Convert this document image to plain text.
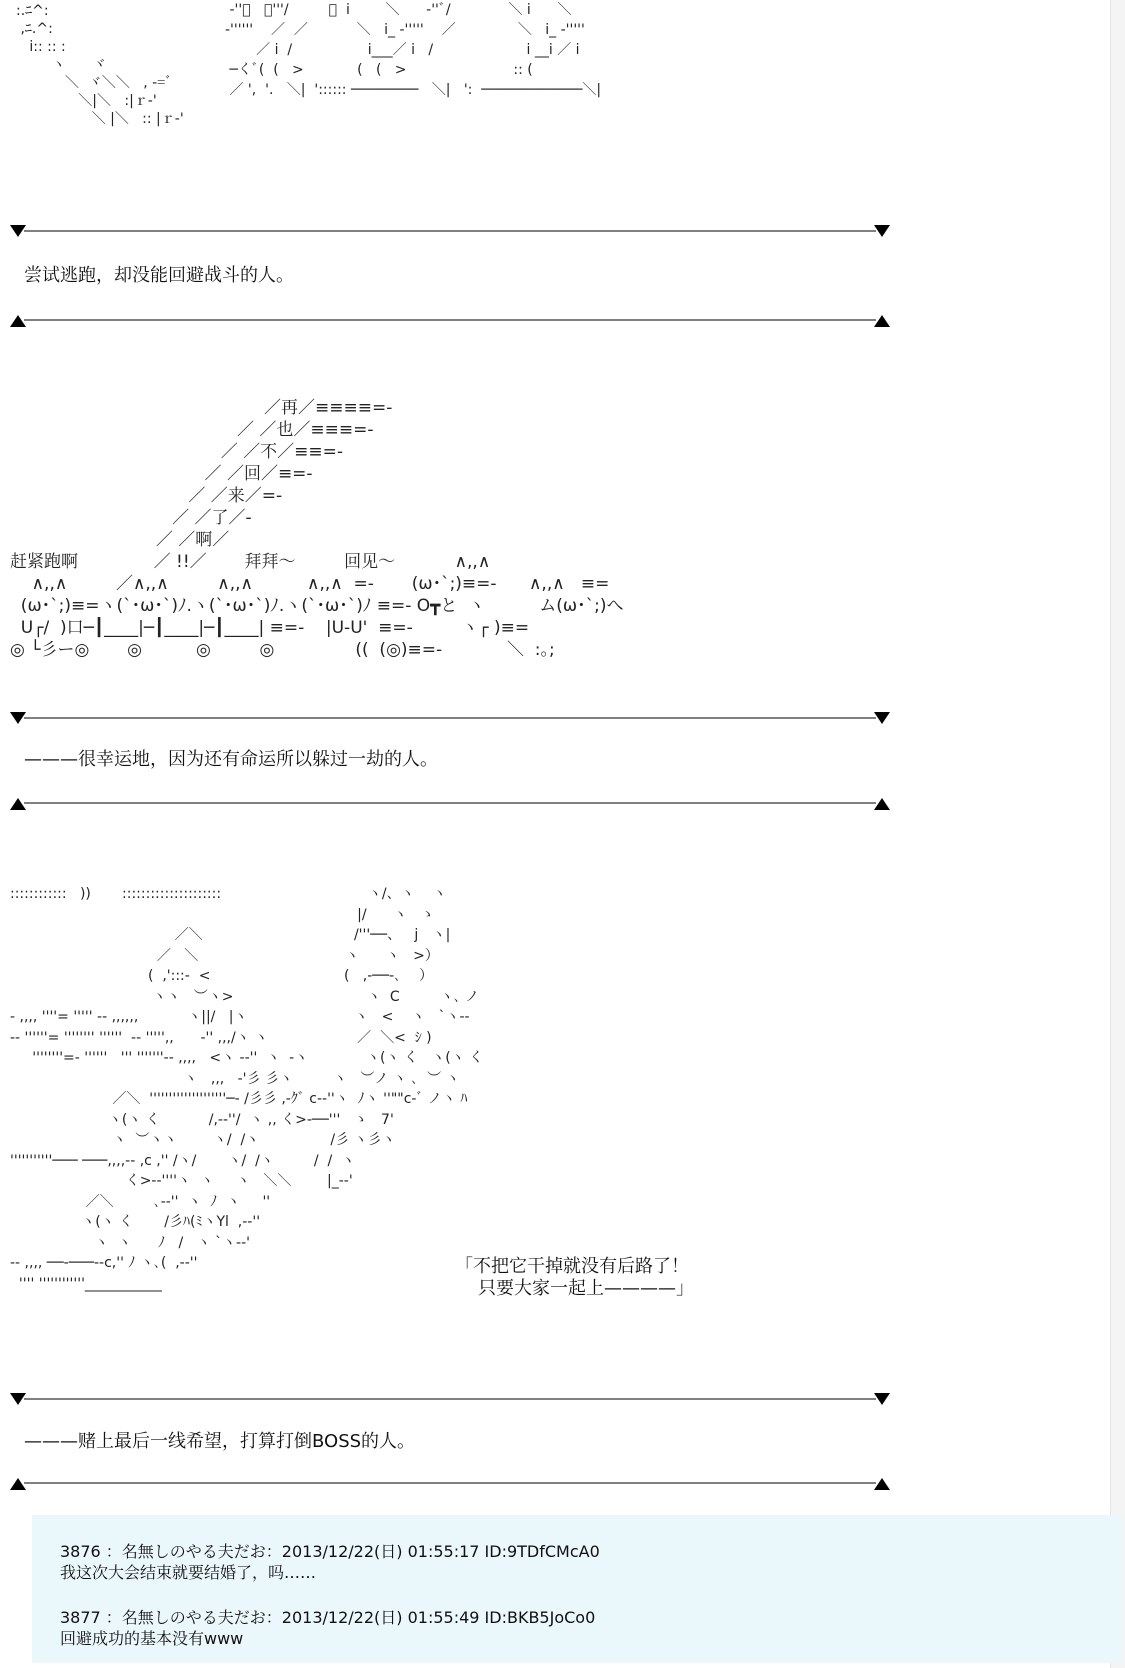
:.ﾆ^:
,ﾆ.^:
i:: :: :
ヽ      ヾ
＼  ヾ＼＼   , -=ﾞ
＼|＼   :|ｒ-'
＼ |＼   :: |ｒ-'
-''ﾞ   ／'''/         ＼  i        ＼      -''ﾞ/             ＼ i      ＼
-''''''    ／  ／           ＼   i_ -'''''    ／              ＼   i_ -'''''
／ i  /                 i___／ i   /                     i __i ／ i
─くﾞ(  (   >            (   (   >                        :: (
／ ',  '.   ＼|  ':::::: ────────   ＼|   ':  ────────────＼|
尝试逃跑，却没能回避战斗的人。
／再／≡≡≡≡=-
／ ／也／≡≡≡=-
／ ／不／≡≡=-
／ ／回／≡=-
／ ／来／=-
／ ／了／-
／ ／啊／
赶紧跑啊              ／ !!／       拜拜～         回见～           ∧,,∧
∧,,∧         ／∧,,∧         ∧,,∧          ∧,,∧  =-       (ω･`;)≡=-      ∧,,∧   ≡=
(ω･`;)≡=ヽ(`･ω･`)ﾉ.ヽ(`･ω･`)ﾉ.ヽ(`･ω･`)ﾉ ≡=- O┳と  ヽ          ム(ω･`;)へ
U┌/  )口─┃____|─┃____|─┃____| ≡=-    |U-U'  ≡=-         ヽ┌ )≡=
◎ └彡ー◎       ◎          ◎         ◎               ((  (◎)≡=-            ＼  :｡;
———很幸运地，因为还有命运所以躲过一劫的人。
::::::::::::   ))       :::::::::::::::::::::                                 ヽ/、ヽ    ヽ
|/      ヽ   ゝ
／＼                                  /'''──、   j   ヽ|
／   ＼                                 ヽ      ヽ   >）
(  ,':::-  <                              (   ,-──-､    ）
ヽヽ   ︶ヽ>                              ヽ  C         ヽ､ ノ
- ,,,, ''''= ''''' -- ,,,,,,           ヽ||/   |ヽ                        ヽ   <    ヽ   `ヽ--
-- ''''''= '''''''' ''''''  -- ''''',,      -'' ,,,/ヽ ヽ                    ／  ＼<  ｼ )
''''''''=- ''''''   ''' '''''''-- ,,,,   <ヽ -‐''  ヽ  -ヽ             ヽ(ヽ く   ヽ(ヽ く
ヽ   ,,,   -'彡 彡ヽ         ヽ   ︶ノ ヽ ､  ︶ ヽ
／＼  ''''''''''''''''''''─‐ /彡彡 ,-ｸﾞ c-‐''ヽ  ﾉヽ ''""c-ﾞ ノヽ ﾊ
ヽ(ヽ く           /,-‐''/  ヽ ,, く>-──'''   ゝ   7'
ヽ  ︶ヽヽ        ヽ/  /ヽ                /彡 ヽ彡ヽ
'''''''''''─── ───,,,,-- ,c ,'' /ヽ/       ヽ/  /ヽ         /  /  ヽ
く>-‐''''ヽ  ヽ     ヽ   ＼＼        |_-‐'
／＼         ､-‐''  ヽ  ﾉ  ヽ     ''
ヽ(ヽ く       /彡ﾊ(ﾐヽYl  ,-‐''
ヽ  ヽ      ﾉ   /   ヽ `ヽ-‐'
-- ,,,, ──‐───--c,'' ﾉ ヽ､(  ,-‐''
'''' ''''''''''''___________
「不把它干掉就没有后路了！
只要大家一起上————」
———赌上最后一线希望，打算打倒BOSS的人。
3876 ：名無しのやる夫だお：2013/12/22(日) 01:55:17 ID:9TDfCMcA0
我这次大会结束就要结婚了，吗……
3877 ：名無しのやる夫だお：2013/12/22(日) 01:55:49 ID:BKB5JoCo0
回避成功的基本没有www
